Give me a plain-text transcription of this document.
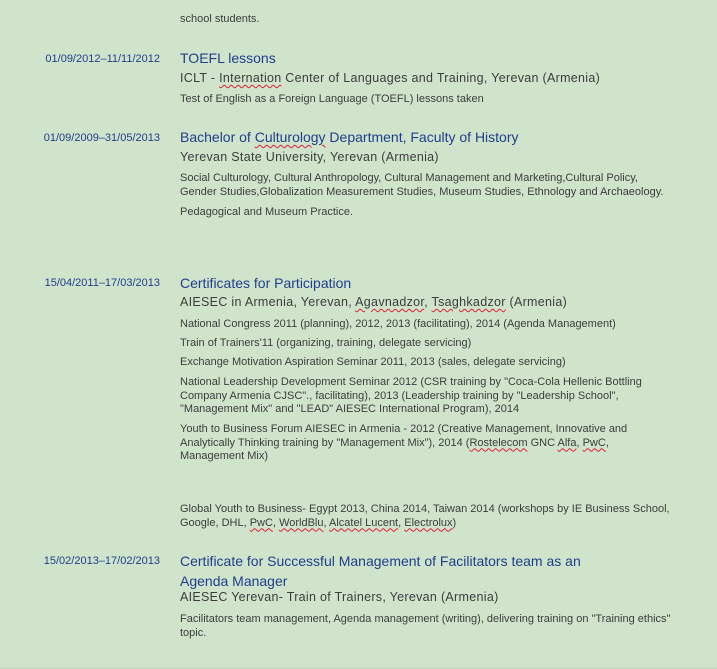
school students.
01/09/2012–11/11/2012 TOEFL lessons
ICLT - Internation Center of Languages and Training, Yerevan (Armenia)
Test of English as a Foreign Language (TOEFL) lessons taken
01/09/2009–31/05/2013 Bachelor of Culturology Department, Faculty of History
Yerevan State University, Yerevan (Armenia)
Social Culturology, Cultural Anthropology, Cultural Management and Marketing,Cultural Policy,
Gender Studies,Globalization Measurement Studies, Museum Studies, Ethnology and Archaeology.
Pedagogical and Museum Practice.
15/04/2011–17/03/2013 Certificates for Participation
AIESEC in Armenia, Yerevan, Agavnadzor, Tsaghkadzor (Armenia)
National Congress 2011 (planning), 2012, 2013 (facilitating), 2014 (Agenda Management)
Train of Trainers'11 (organizing, training, delegate servicing)
Exchange Motivation Aspiration Seminar 2011, 2013 (sales, delegate servicing)
National Leadership Development Seminar 2012 (CSR training by "Coca-Cola Hellenic Bottling
Company Armenia CJSC"., facilitating), 2013 (Leadership training by "Leadership School",
"Management Mix" and "LEAD" AIESEC International Program), 2014
Youth to Business Forum AIESEC in Armenia - 2012 (Creative Management, Innovative and
Analytically Thinking training by "Management Mix"), 2014 (Rostelecom GNC Alfa, PwC,
Management Mix)
Global Youth to Business- Egypt 2013, China 2014, Taiwan 2014 (workshops by IE Business School,
Google, DHL, PwC, WorldBlu, Alcatel Lucent, Electrolux)
15/02/2013–17/02/2013 Certificate for Successful Management of Facilitators team as an
Agenda Manager
AIESEC Yerevan- Train of Trainers, Yerevan (Armenia)
Facilitators team management, Agenda management (writing), delivering training on "Training ethics"
topic.
